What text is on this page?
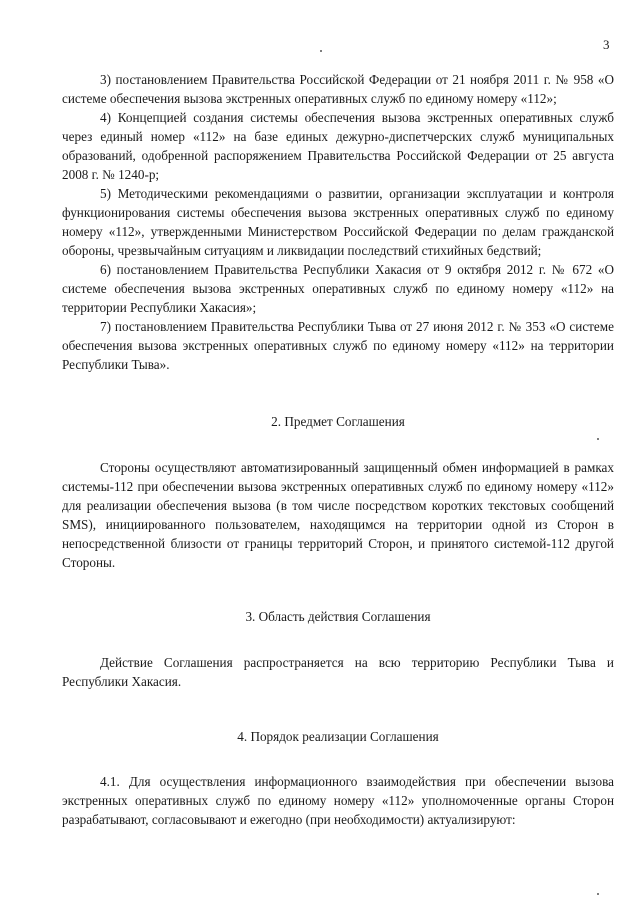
3

3) постановлением Правительства Российской Федерации от 21 ноября 2011 г. № 958 «О системе обеспечения вызова экстренных оперативных служб по единому номеру «112»;

4) Концепцией создания системы обеспечения вызова экстренных оперативных служб через единый номер «112» на базе единых дежурно-диспетчерских служб муниципальных образований, одобренной распоряжением Правительства Российской Федерации от 25 августа 2008 г. № 1240-р;

5) Методическими рекомендациями о развитии, организации эксплуатации и контроля функционирования системы обеспечения вызова экстренных оперативных служб по единому номеру «112», утвержденными Министерством Российской Федерации по делам гражданской обороны, чрезвычайным ситуациям и ликвидации последствий стихийных бедствий;

6) постановлением Правительства Республики Хакасия от 9 октября 2012 г. № 672 «О системе обеспечения вызова экстренных оперативных служб по единому номеру «112» на территории Республики Хакасия»;

7) постановлением Правительства Республики Тыва от 27 июня 2012 г. № 353 «О системе обеспечения вызова экстренных оперативных служб по единому номеру «112» на территории Республики Тыва».

2. Предмет Соглашения

Стороны осуществляют автоматизированный защищенный обмен информацией в рамках системы-112 при обеспечении вызова экстренных оперативных служб по единому номеру «112» для реализации обеспечения вызова (в том числе посредством коротких текстовых сообщений SMS), инициированного пользователем, находящимся на территории одной из Сторон в непосредственной близости от границы территорий Сторон, и принятого системой-112 другой Стороны.

3. Область действия Соглашения

Действие Соглашения распространяется на всю территорию Республики Тыва и Республики Хакасия.

4. Порядок реализации Соглашения

4.1. Для осуществления информационного взаимодействия при обеспечении вызова экстренных оперативных служб по единому номеру «112» уполномоченные органы Сторон разрабатывают, согласовывают и ежегодно (при необходимости) актуализируют:
